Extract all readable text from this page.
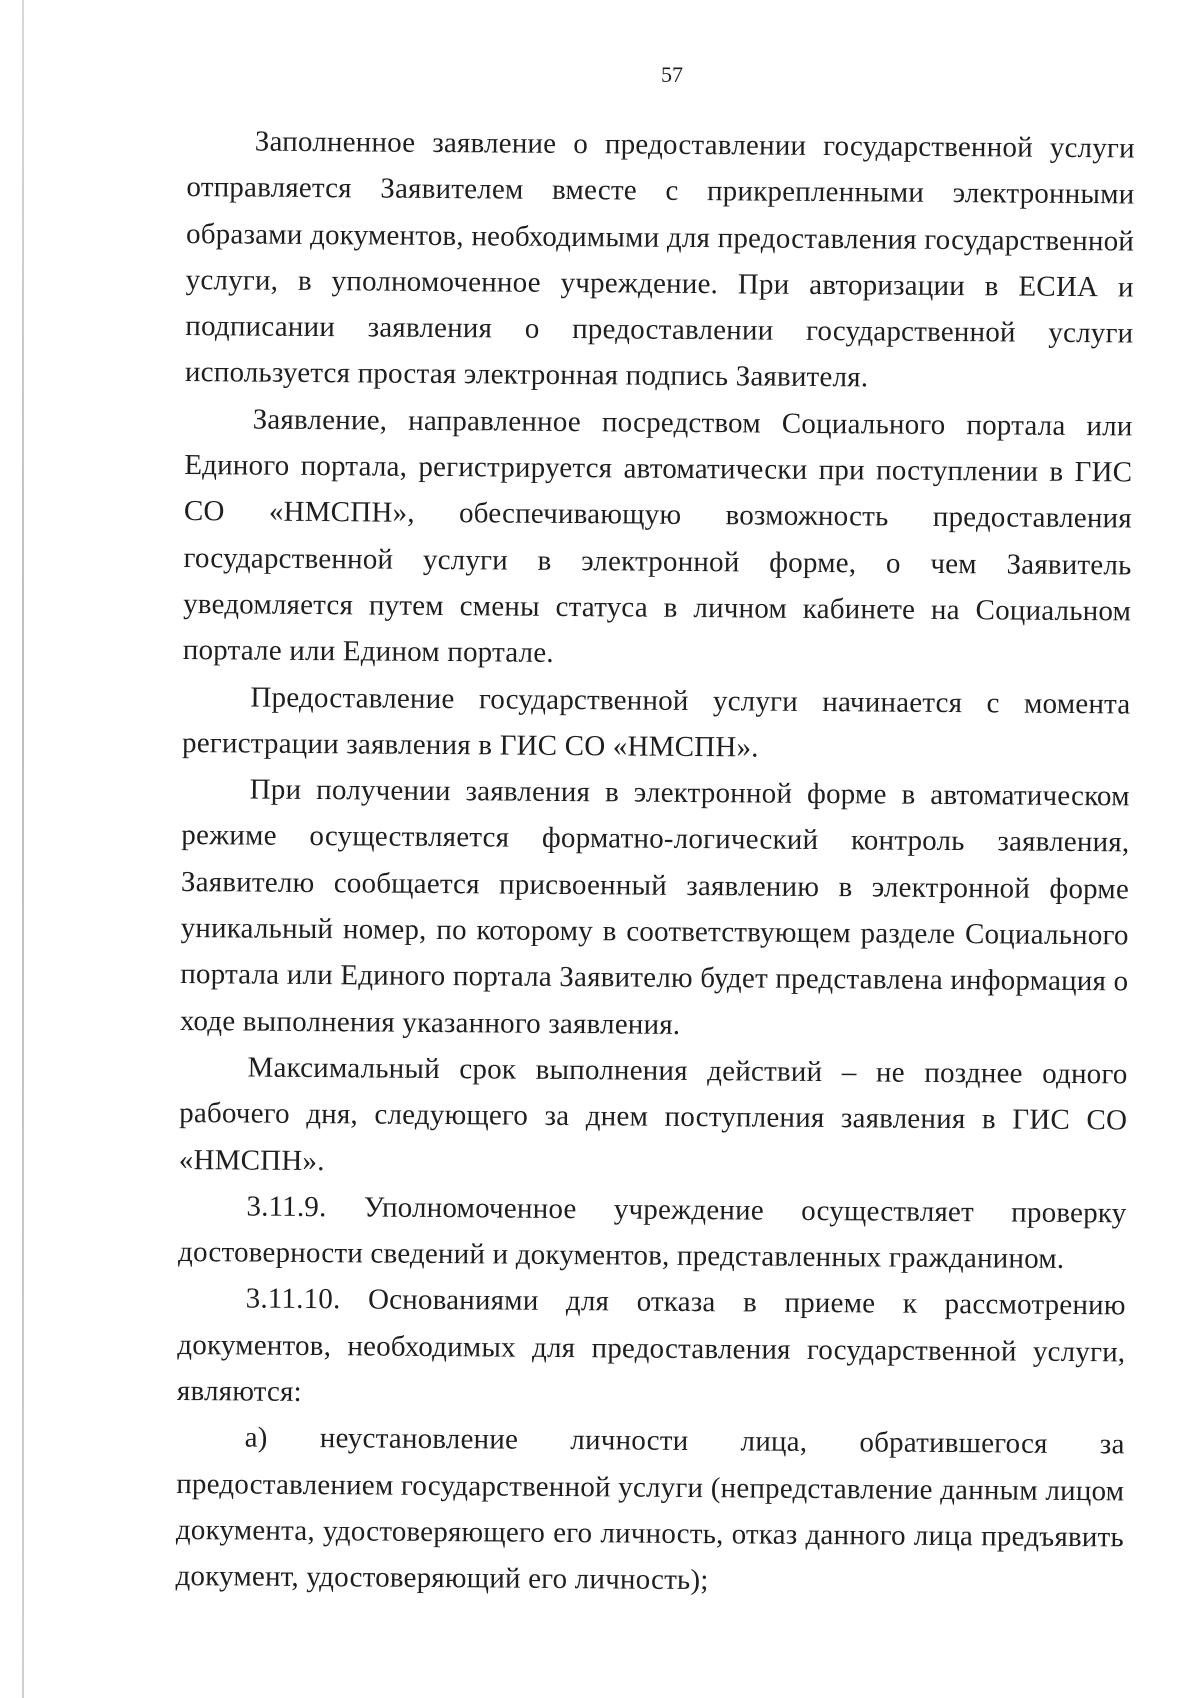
57

Заполненное заявление о предоставлении государственной услуги отправляется Заявителем вместе с прикрепленными электронными образами документов, необходимыми для предоставления государственной услуги, в уполномоченное учреждение. При авторизации в ЕСИА и подписании заявления о предоставлении государственной услуги используется простая электронная подпись Заявителя.

Заявление, направленное посредством Социального портала или Единого портала, регистрируется автоматически при поступлении в ГИС СО «НМСПН», обеспечивающую возможность предоставления государственной услуги в электронной форме, о чем Заявитель уведомляется путем смены статуса в личном кабинете на Социальном портале или Едином портале.

Предоставление государственной услуги начинается с момента регистрации заявления в ГИС СО «НМСПН».

При получении заявления в электронной форме в автоматическом режиме осуществляется форматно-логический контроль заявления, Заявителю сообщается присвоенный заявлению в электронной форме уникальный номер, по которому в соответствующем разделе Социального портала или Единого портала Заявителю будет представлена информация о ходе выполнения указанного заявления.

Максимальный срок выполнения действий – не позднее одного рабочего дня, следующего за днем поступления заявления в ГИС СО «НМСПН».

3.11.9. Уполномоченное учреждение осуществляет проверку достоверности сведений и документов, представленных гражданином.

3.11.10. Основаниями для отказа в приеме к рассмотрению документов, необходимых для предоставления государственной услуги, являются:

а) неустановление личности лица, обратившегося за предоставлением государственной услуги (непредставление данным лицом документа, удостоверяющего его личность, отказ данного лица предъявить документ, удостоверяющий его личность);
